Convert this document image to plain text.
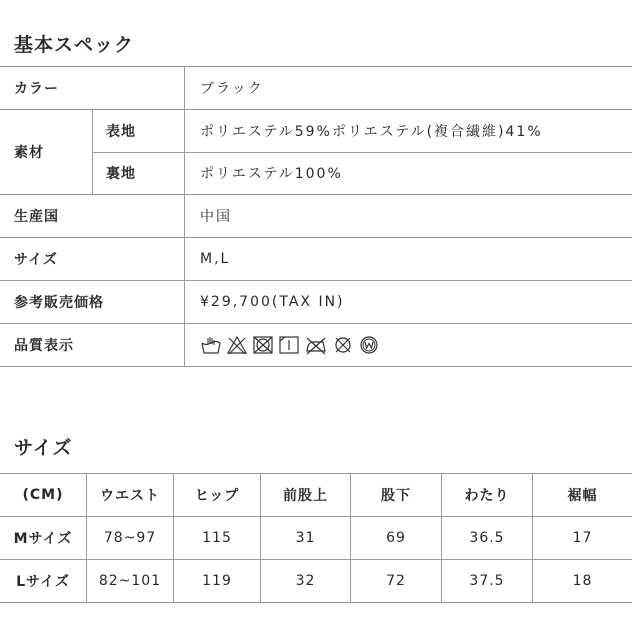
基本スペック
カラー	ブラック
素材
表地	ポリエステル59%ポリエステル(複合繊維)41%
裏地	ポリエステル100%
生産国	中国
サイズ	M,L
参考販売価格	¥29,700(TAX IN)
品質表示
サイズ
(CM)	ウエスト	ヒップ	前股上	股下	わたり	裾幅
Mサイズ	78~97	115	31	69	36.5	17
Lサイズ	82~101	119	32	72	37.5	18
